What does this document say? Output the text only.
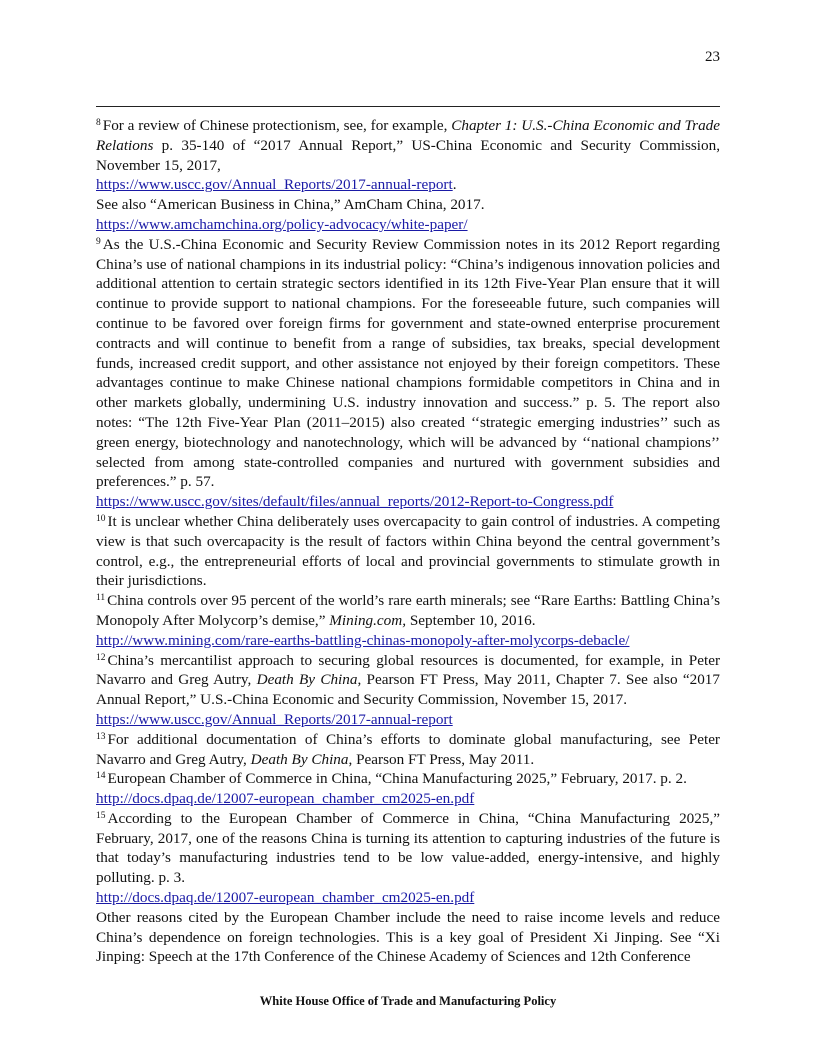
23

$^8$ For a review of Chinese protectionism, see, for example, Chapter 1: U.S.-China Economic and Trade Relations p. 35-140 of “2017 Annual Report,” US-China Economic and Security Commission, November 15, 2017,

https://www.uscc.gov/Annual_Reports/2017-annual-report.

See also “American Business in China,” AmCham China, 2017.

https://www.amchamchina.org/policy-advocacy/white-paper/

$^9$ As the U.S.-China Economic and Security Review Commission notes in its 2012 Report regarding China’s use of national champions in its industrial policy: “China’s indigenous innovation policies and additional attention to certain strategic sectors identified in its 12th Five-Year Plan ensure that it will continue to provide support to national champions. For the foreseeable future, such companies will continue to be favored over foreign firms for government and state-owned enterprise procurement contracts and will continue to benefit from a range of subsidies, tax breaks, special development funds, increased credit support, and other assistance not enjoyed by their foreign competitors. These advantages continue to make Chinese national champions formidable competitors in China and in other markets globally, undermining U.S. industry innovation and success.” p. 5. The report also notes: “The 12th Five-Year Plan (2011–2015) also created ‘‘strategic emerging industries’’ such as green energy, biotechnology and nanotechnology, which will be advanced by ‘‘national champions’’ selected from among state-controlled companies and nurtured with government subsidies and preferences.” p. 57.

https://www.uscc.gov/sites/default/files/annual_reports/2012-Report-to-Congress.pdf

$^{10}$ It is unclear whether China deliberately uses overcapacity to gain control of industries. A competing view is that such overcapacity is the result of factors within China beyond the central government’s control, e.g., the entrepreneurial efforts of local and provincial governments to stimulate growth in their jurisdictions.

$^{11}$ China controls over 95 percent of the world’s rare earth minerals; see “Rare Earths: Battling China’s Monopoly After Molycorp’s demise,” Mining.com, September 10, 2016.

http://www.mining.com/rare-earths-battling-chinas-monopoly-after-molycorps-debacle/

$^{12}$ China’s mercantilist approach to securing global resources is documented, for example, in Peter Navarro and Greg Autry, Death By China, Pearson FT Press, May 2011, Chapter 7. See also “2017 Annual Report,” U.S.-China Economic and Security Commission, November 15, 2017.

https://www.uscc.gov/Annual_Reports/2017-annual-report

$^{13}$ For additional documentation of China’s efforts to dominate global manufacturing, see Peter Navarro and Greg Autry, Death By China, Pearson FT Press, May 2011.

$^{14}$ European Chamber of Commerce in China, “China Manufacturing 2025,” February, 2017. p. 2.

http://docs.dpaq.de/12007-european_chamber_cm2025-en.pdf

$^{15}$ According to the European Chamber of Commerce in China, “China Manufacturing 2025,” February, 2017, one of the reasons China is turning its attention to capturing industries of the future is that today’s manufacturing industries tend to be low value-added, energy-intensive, and highly polluting. p. 3.

http://docs.dpaq.de/12007-european_chamber_cm2025-en.pdf

Other reasons cited by the European Chamber include the need to raise income levels and reduce China’s dependence on foreign technologies. This is a key goal of President Xi Jinping. See “Xi Jinping: Speech at the 17th Conference of the Chinese Academy of Sciences and 12th Conference

White House Office of Trade and Manufacturing Policy
